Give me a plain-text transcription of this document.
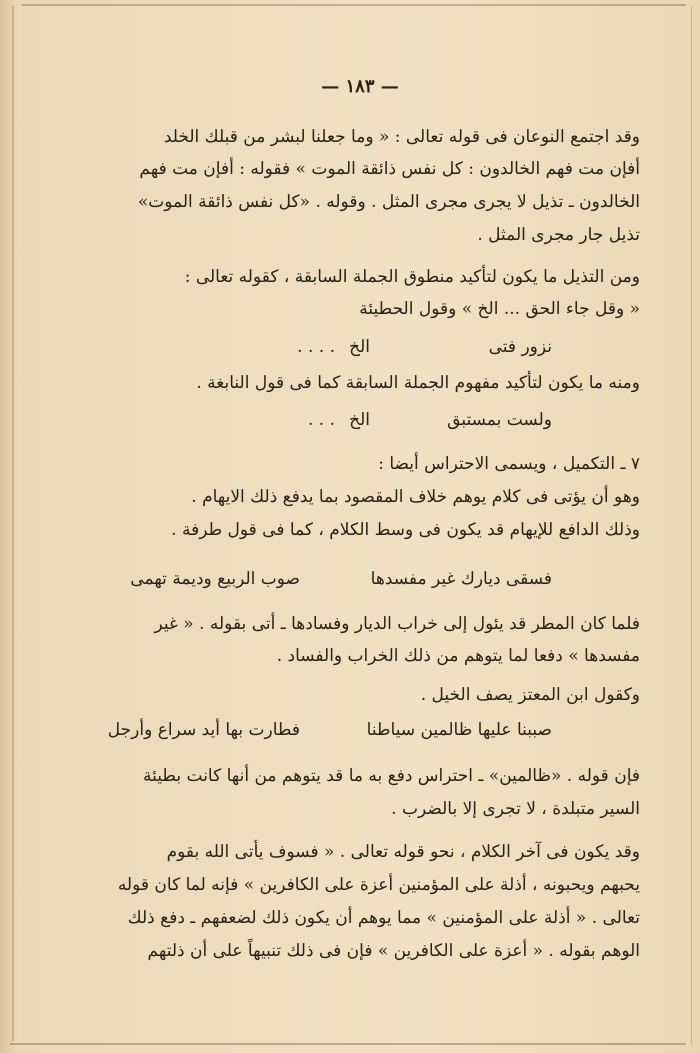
— ١٨٣ —
وقد اجتمع النوعان فى قوله تعالى : « وما جعلنا لبشر من قبلك الخلد
أفإن مت فهم الخالدون : كل نفس ذائقة الموت » فقوله : أفإن مت فهم
الخالدون ـ تذيل لا يجرى مجرى المثل . وقوله . «كل نفس ذائقة الموت»
تذيل جار مجرى المثل .
ومن التذيل ما يكون لتأكيد منطوق الجملة السابقة ، كقوله تعالى :
« وقل جاء الحق ... الخ » وقول الحطيئة
نزور فتى
. . . . الخ
ومنه ما يكون لتأكيد مفهوم الجملة السابقة كما فى قول النابغة .
ولست بمستبق
. . . الخ
٧ ـ التكميل ، ويسمى الاحتراس أيضا :
وهو أن يؤتى فى كلام يوهم خلاف المقصود بما يدفع ذلك الايهام .
وذلك الدافع للإيهام قد يكون فى وسط الكلام ، كما فى قول طرفة .
فسقى ديارك غير مفسدها
صوب الربيع وديمة تهمى
فلما كان المطر قد يئول إلى خراب الديار وفسادها ـ أتى بقوله . « غير
مفسدها » دفعا لما يتوهم من ذلك الخراب والفساد .
وكقول ابن المعتز يصف الخيل .
صببنا عليها ظالمين سياطنا
فطارت بها أيد سراع وأرجل
فإن قوله . «ظالمين» ـ احتراس دفع به ما قد يتوهم من أنها كانت بطيئة
السير متبلدة ، لا تجرى إلا بالضرب .
وقد يكون فى آخر الكلام ، نحو قوله تعالى . « فسوف يأتى الله بقوم
يحبهم ويحبونه ، أذلة على المؤمنين أعزة على الكافرين » فإنه لما كان قوله
تعالى . « أذلة على المؤمنين » مما يوهم أن يكون ذلك لضعفهم ـ دفع ذلك
الوهم بقوله . « أعزة على الكافرين » فإن فى ذلك تنبيهاً على أن ذلتهم
